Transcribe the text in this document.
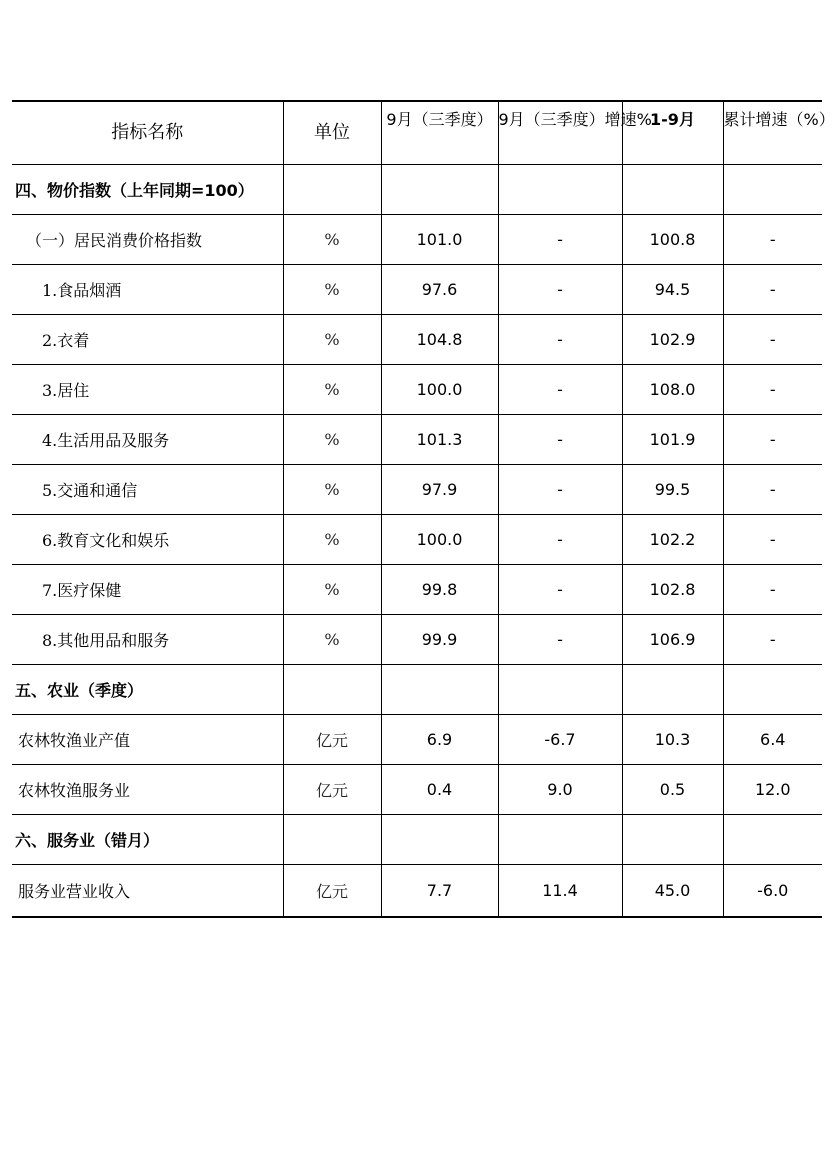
指标名称	单位	9月（三季度）	9月（三季度）增速%	1-9月	累计增速（%）
四、物价指数（上年同期=100）					
（一）居民消费价格指数	%	101.0	-	100.8	-
1.食品烟酒	%	97.6	-	94.5	-
2.衣着	%	104.8	-	102.9	-
3.居住	%	100.0	-	108.0	-
4.生活用品及服务	%	101.3	-	101.9	-
5.交通和通信	%	97.9	-	99.5	-
6.教育文化和娱乐	%	100.0	-	102.2	-
7.医疗保健	%	99.8	-	102.8	-
8.其他用品和服务	%	99.9	-	106.9	-
五、农业（季度）					
农林牧渔业产值	亿元	6.9	-6.7	10.3	6.4
农林牧渔服务业	亿元	0.4	9.0	0.5	12.0
六、服务业（错月）					
服务业营业收入	亿元	7.7	11.4	45.0	-6.0
